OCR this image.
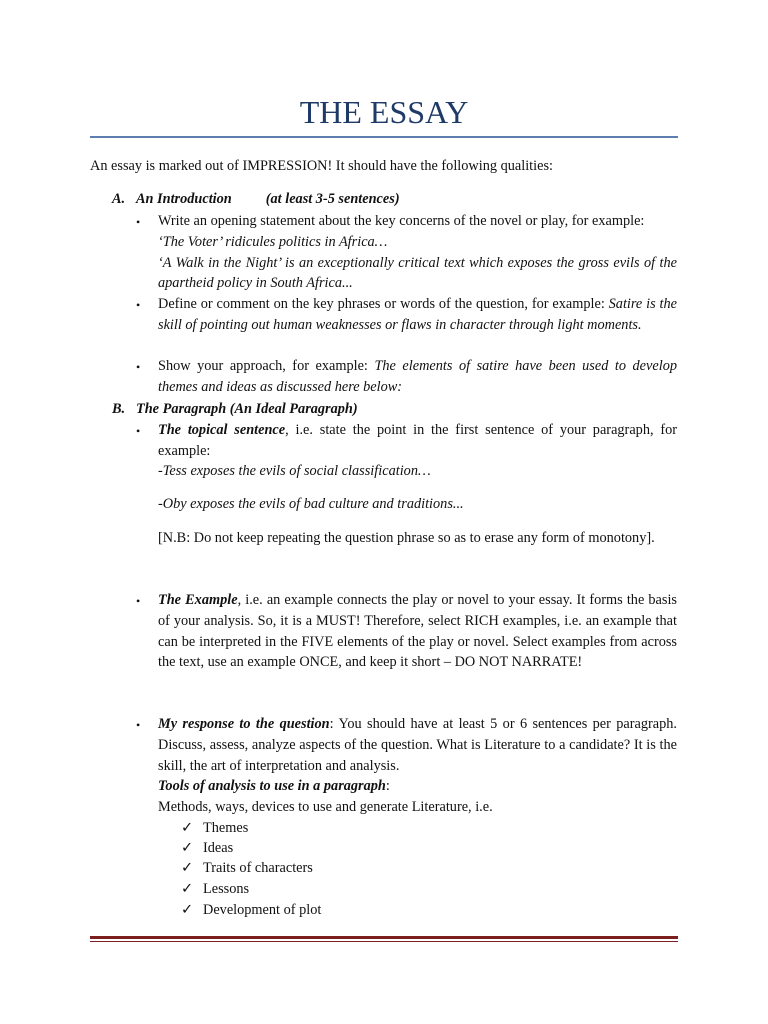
THE ESSAY
An essay is marked out of IMPRESSION! It should have the following qualities:
A. An Introduction (at least 3-5 sentences)
•	Write an opening statement about the key concerns of the novel or play, for example:
‘The Voter’ ridicules politics in Africa…
‘A Walk in the Night’ is an exceptionally critical text which exposes the gross evils of the apartheid policy in South Africa...
•	Define or comment on the key phrases or words of the question, for example: Satire is the skill of pointing out human weaknesses or flaws in character through light moments.
•	Show your approach, for example: The elements of satire have been used to develop themes and ideas as discussed here below:
B. The Paragraph (An Ideal Paragraph)
•	The topical sentence, i.e. state the point in the first sentence of your paragraph, for example:
-Tess exposes the evils of social classification…
-Oby exposes the evils of bad culture and traditions...
[N.B: Do not keep repeating the question phrase so as to erase any form of monotony].
•	The Example, i.e. an example connects the play or novel to your essay. It forms the basis of your analysis. So, it is a MUST! Therefore, select RICH examples, i.e. an example that can be interpreted in the FIVE elements of the play or novel. Select examples from across the text, use an example ONCE, and keep it short – DO NOT NARRATE!
•	My response to the question: You should have at least 5 or 6 sentences per paragraph. Discuss, assess, analyze aspects of the question. What is Literature to a candidate? It is the skill, the art of interpretation and analysis.
Tools of analysis to use in a paragraph:
Methods, ways, devices to use and generate Literature, i.e.
✓ Themes
✓ Ideas
✓ Traits of characters
✓ Lessons
✓ Development of plot
